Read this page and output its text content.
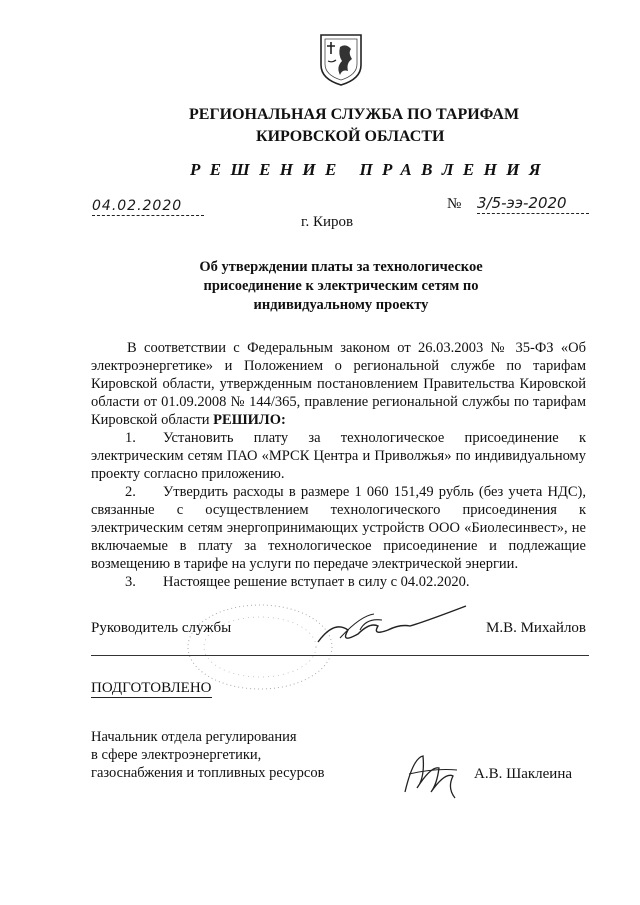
РЕГИОНАЛЬНАЯ СЛУЖБА ПО ТАРИФАМ
КИРОВСКОЙ ОБЛАСТИ
РЕШЕНИЕ ПРАВЛЕНИЯ
04.02.2020	№ 3/5-ээ-2020
г. Киров
Об утверждении платы за технологическое
присоединение к электрическим сетям по
индивидуальному проекту

В соответствии с Федеральным законом от 26.03.2003 № 35-ФЗ «Об электроэнергетике» и Положением о региональной службе по тарифам Кировской области, утвержденным постановлением Правительства Кировской области от 01.09.2008 № 144/365, правление региональной службы по тарифам Кировской области РЕШИЛО:

1. Установить плату за технологическое присоединение к электрическим сетям ПАО «МРСК Центра и Приволжья» по индивидуальному проекту согласно приложению.

2. Утвердить расходы в размере 1 060 151,49 рубль (без учета НДС), связанные с осуществлением технологического присоединения к электрическим сетям энергопринимающих устройств ООО «Биолесинвест», не включаемые в плату за технологическое присоединение и подлежащие возмещению в тарифе на услуги по передаче электрической энергии.

3. Настоящее решение вступает в силу с 04.02.2020.

Руководитель службы	М.В. Михайлов
ПОДГОТОВЛЕНО
Начальник отдела регулирования
в сфере электроэнергетики,
газоснабжения и топливных ресурсов	А.В. Шаклеина
